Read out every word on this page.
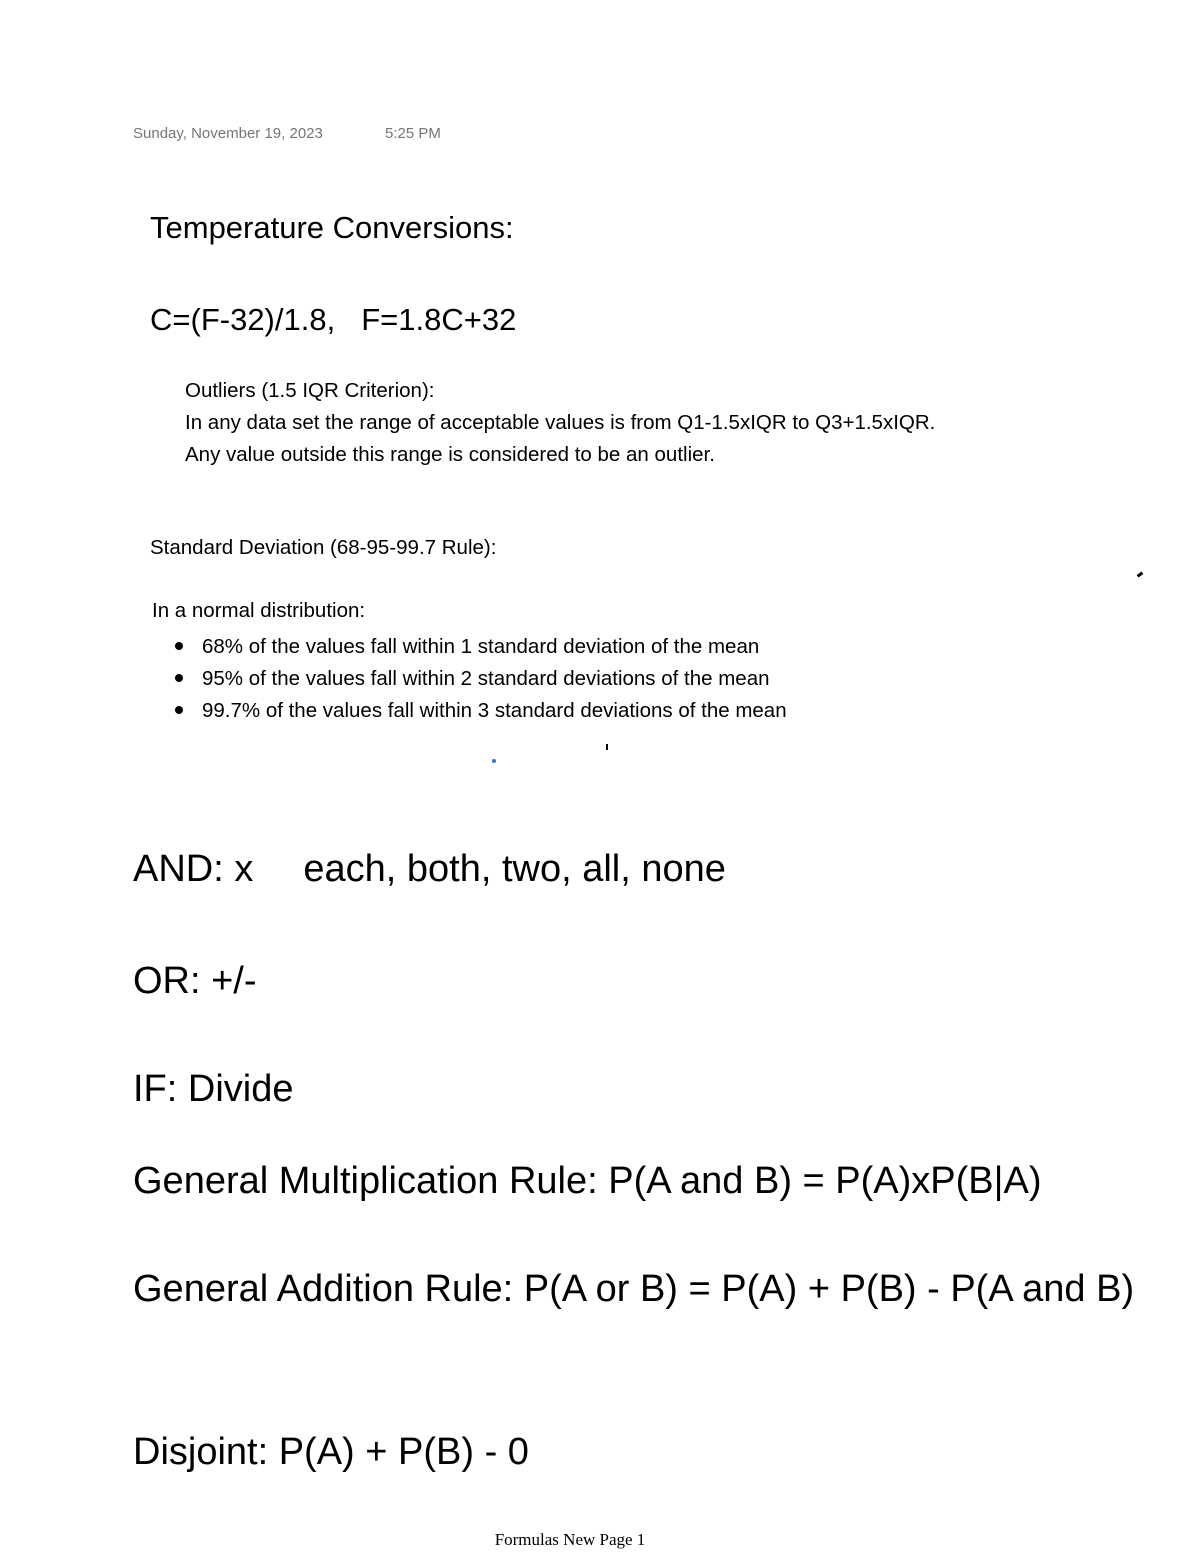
Sunday, November 19, 2023	5:25 PM
Temperature Conversions:
C=(F-32)/1.8, F=1.8C+32
Outliers (1.5 IQR Criterion):
In any data set the range of acceptable values is from Q1-1.5xIQR to Q3+1.5xIQR.
Any value outside this range is considered to be an outlier.
Standard Deviation (68-95-99.7 Rule):
In a normal distribution:
68% of the values fall within 1 standard deviation of the mean
95% of the values fall within 2 standard deviations of the mean
99.7% of the values fall within 3 standard deviations of the mean
AND: x each, both, two, all, none
OR: +/-
IF: Divide
General Multiplication Rule: P(A and B) = P(A)xP(B|A)
General Addition Rule: P(A or B) = P(A) + P(B) - P(A and B)
Disjoint: P(A) + P(B) - 0
Formulas New Page 1
